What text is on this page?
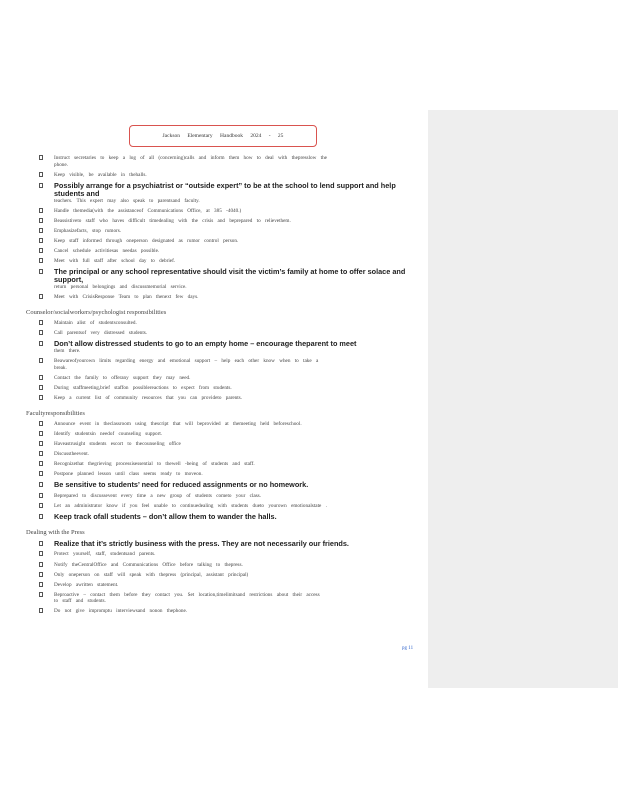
Jackson Elementary Handbook 2024 - 25
Instruct secretaries to keep a log of all (concerning)calls and inform them how to deal with thepresslow the
phone.
Keep visible, be available in thehalls.
Possibly arrange for a psychiatrist or “outside expert” to be at the school to lend support and help students and
teachers. This expert may also speak to parentsand faculty.
Handle themedia(with the assistanceof Communications Office, at 385 -4040.)
Beassistiveto staff who haves difficult timedealing with the crisis and beprepared to relievethem.
Emphasizefacts, stop rumors.
Keep staff informed through oneperson designated as rumor control person.
Cancel schedule activitiesas needas possible.
Meet with full staff after school day to debrief.
The principal or any school representative should visit the victim’s family at home to offer solace and support,
return personal belongings and discussmemorial service.
Meet with CrisisResponse Team to plan thenext few days.
Counselor/socialworkers/psychologist responsibilities
Maintain alist of studentsconsulted.
Call parentsof very distressed students.
Don’t allow distressed students to go to an empty home – encourage theparent to meet
them there.
Beawareofyourown limits regarding energy and emotional support – help each other know when to take a
break.
Contact the family to offerany support they may need.
During staffmeeting,brief staffon possiblereactions to expect from students.
Keep a current list of community resources that you can provideto parents.
Facultyresponsibilities
Announce event in theclassroom using thescript that will beprovided at themeeting held beforeschool.
Identify studentsin needof counseling support.
Haveastrusight students escort to thecounseling office
Discusstheevent.
Recognizethat thegrieving processisessential to thewell -being of students and staff.
Postpone planned lesson until class seems ready to moveon.
Be sensitive to students’ need for reduced assignments or no homework.
Beprepared to discussevent every time a new group of students cometo your class.
Let an administrator know if you feel unable to continuedealing with students dueto yourown emotionalstate .
Keep track ofall students – don’t allow them to wander the halls.
Dealing with the Press
Realize that it’s strictly business with the press. They are not necessarily our friends.
Protect yourself, staff, studentsand parents.
Notify theCentralOffice and Communications Office before talking to thepress.
Only oneperson on staff will speak with thepress (principal, assistant principal)
Develop awritten statement.
Beproactive – contact them before they contact you. Set location,timelimitsand restrictions about their access
to staff and students.
Do not give impromptu interviewsand nonon thephone.
pg 11
